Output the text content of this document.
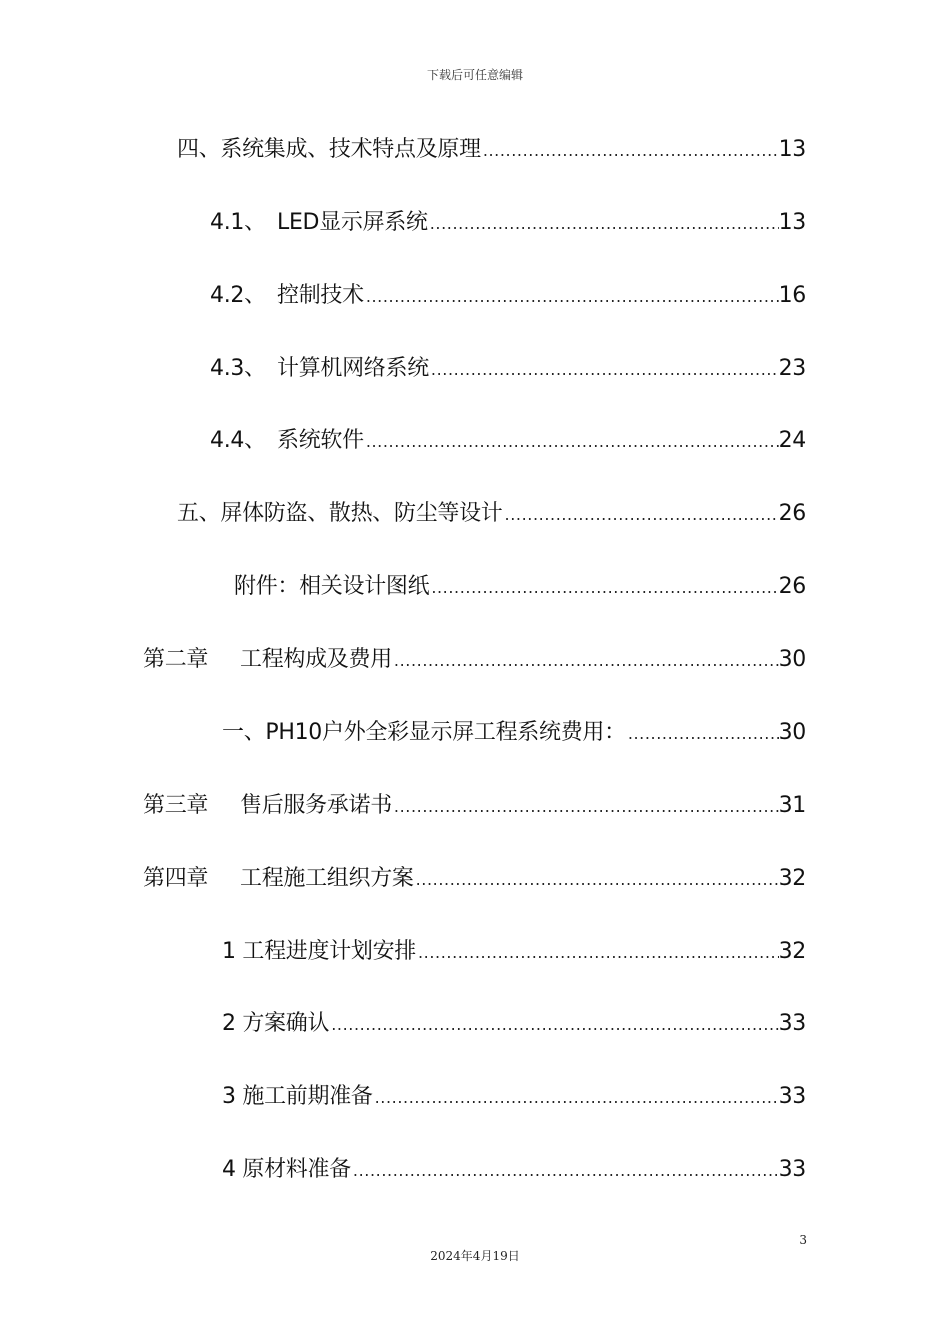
下载后可任意编辑
四、 系统集成、技术特点及原理 .....	13
4.1、 LED显示屏系统 .....	13
4.2、 控制技术 .....	16
4.3、 计算机网络系统 .....	23
4.4、 系统软件 .....	24
五、 屏体防盗、散热、防尘等设计 .....	26
附件：相关设计图纸 .....	26
第二章	工程构成及费用 .....	30
一、PH10户外全彩显示屏工程系统费用： .....	30
第三章	售后服务承诺书 .....	31
第四章	工程施工组织方案 .....	32
1 工程进度计划安排 .....	32
2 方案确认 .....	33
3 施工前期准备 .....	33
4 原材料准备 .....	33
3
2024年4月19日
